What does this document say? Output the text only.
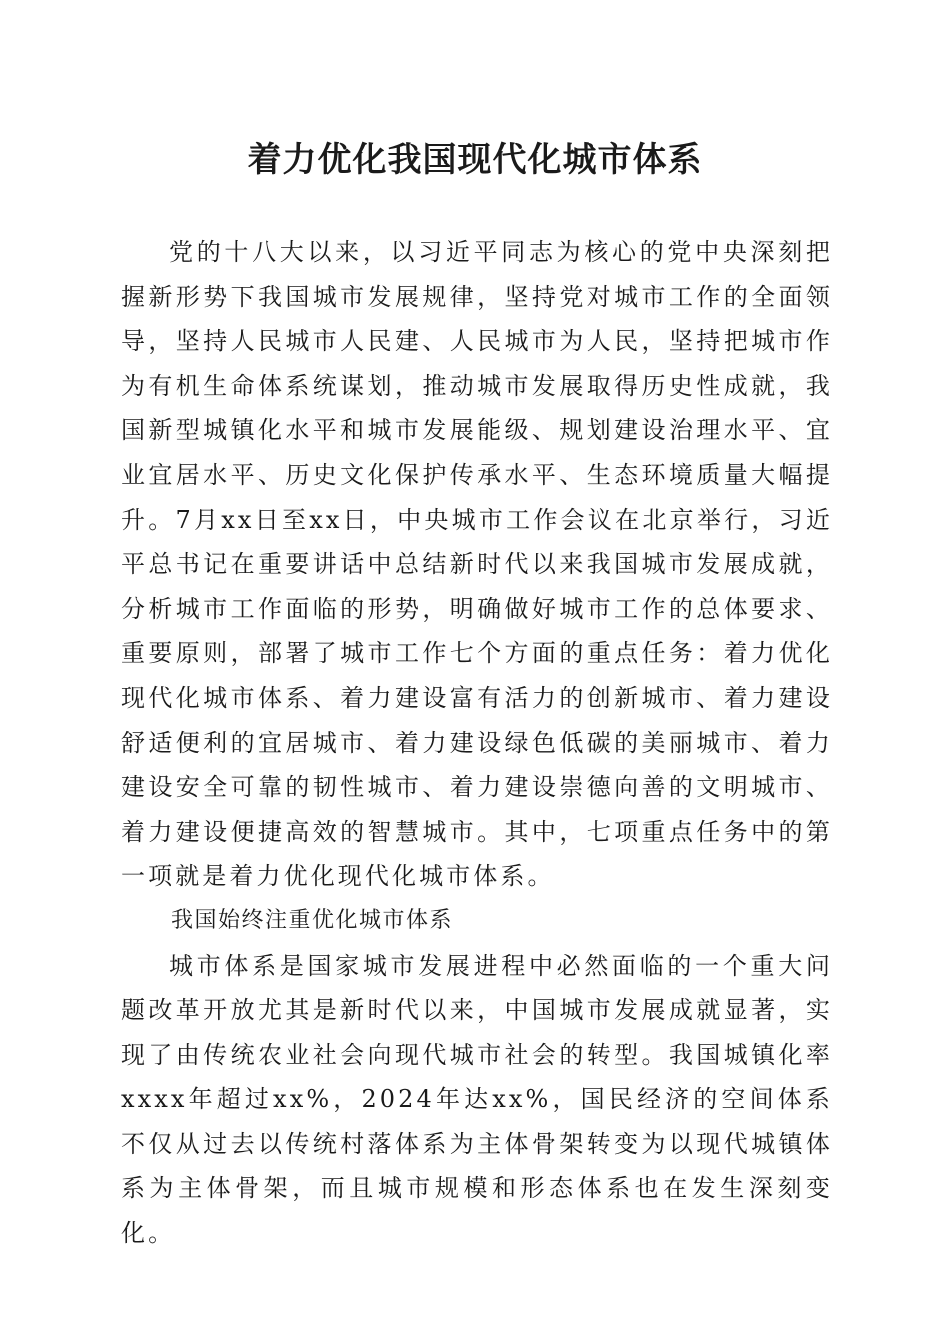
着力优化我国现代化城市体系

党的十八大以来，以习近平同志为核心的党中央深刻把握新形势下我国城市发展规律，坚持党对城市工作的全面领导，坚持人民城市人民建、人民城市为人民，坚持把城市作为有机生命体系统谋划，推动城市发展取得历史性成就，我国新型城镇化水平和城市发展能级、规划建设治理水平、宜业宜居水平、历史文化保护传承水平、生态环境质量大幅提升。7月xx日至xx日，中央城市工作会议在北京举行，习近平总书记在重要讲话中总结新时代以来我国城市发展成就，分析城市工作面临的形势，明确做好城市工作的总体要求、重要原则，部署了城市工作七个方面的重点任务：着力优化现代化城市体系、着力建设富有活力的创新城市、着力建设舒适便利的宜居城市、着力建设绿色低碳的美丽城市、着力建设安全可靠的韧性城市、着力建设崇德向善的文明城市、着力建设便捷高效的智慧城市。其中，七项重点任务中的第一项就是着力优化现代化城市体系。

我国始终注重优化城市体系

城市体系是国家城市发展进程中必然面临的一个重大问题改革开放尤其是新时代以来，中国城市发展成就显著，实现了由传统农业社会向现代城市社会的转型。我国城镇化率xxxx年超过xx%，2024年达xx%，国民经济的空间体系不仅从过去以传统村落体系为主体骨架转变为以现代城镇体系为主体骨架，而且城市规模和形态体系也在发生深刻变化。
